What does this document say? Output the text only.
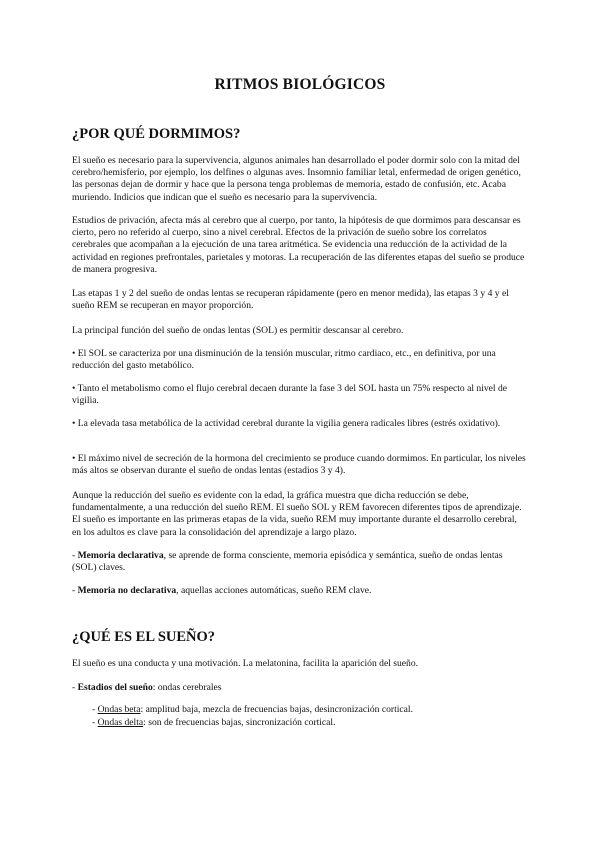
RITMOS BIOLÓGICOS
¿POR QUÉ DORMIMOS?

El sueño es necesario para la supervivencia, algunos animales han desarrollado el poder dormir solo con la mitad del cerebro/hemisferio, por ejemplo, los delfines o algunas aves. Insomnio familiar letal, enfermedad de origen genético, las personas dejan de dormir y hace que la persona tenga problemas de memoria, estado de confusión, etc. Acaba muriendo. Indicios que indican que el sueño es necesario para la supervivencia.

Estudios de privación, afecta más al cerebro que al cuerpo, por tanto, la hipótesis de que dormimos para descansar es cierto, pero no referido al cuerpo, sino a nivel cerebral. Efectos de la privación de sueño sobre los correlatos cerebrales que acompañan a la ejecución de una tarea aritmética. Se evidencia una reducción de la actividad de la actividad en regiones prefrontales, parietales y motoras. La recuperación de las diferentes etapas del sueño se produce de manera progresiva.

Las etapas 1 y 2 del sueño de ondas lentas se recuperan rápidamente (pero en menor medida), las etapas 3 y 4 y el sueño REM se recuperan en mayor proporción.

La principal función del sueño de ondas lentas (SOL) es permitir descansar al cerebro.

• El SOL se caracteriza por una disminución de la tensión muscular, ritmo cardiaco, etc., en definitiva, por una reducción del gasto metabólico.

• Tanto el metabolismo como el flujo cerebral decaen durante la fase 3 del SOL hasta un 75% respecto al nivel de vigilia.

• La elevada tasa metabólica de la actividad cerebral durante la vigilia genera radicales libres (estrés oxidativo).

• El máximo nivel de secreción de la hormona del crecimiento se produce cuando dormimos. En particular, los niveles más altos se observan durante el sueño de ondas lentas (estadios 3 y 4).

Aunque la reducción del sueño es evidente con la edad, la gráfica muestra que dicha reducción se debe, fundamentalmente, a una reducción del sueño REM. El sueño SOL y REM favorecen diferentes tipos de aprendizaje. El sueño es importante en las primeras etapas de la vida, sueño REM muy importante durante el desarrollo cerebral, en los adultos es clave para la consolidación del aprendizaje a largo plazo.

- Memoria declarativa, se aprende de forma consciente, memoria episódica y semántica, sueño de ondas lentas (SOL) claves.

- Memoria no declarativa, aquellas acciones automáticas, sueño REM clave.

¿QUÉ ES EL SUEÑO?

El sueño es una conducta y una motivación. La melatonina, facilita la aparición del sueño.

- Estadios del sueño: ondas cerebrales

- Ondas beta: amplitud baja, mezcla de frecuencias bajas, desincronización cortical.
- Ondas delta: son de frecuencias bajas, sincronización cortical.
